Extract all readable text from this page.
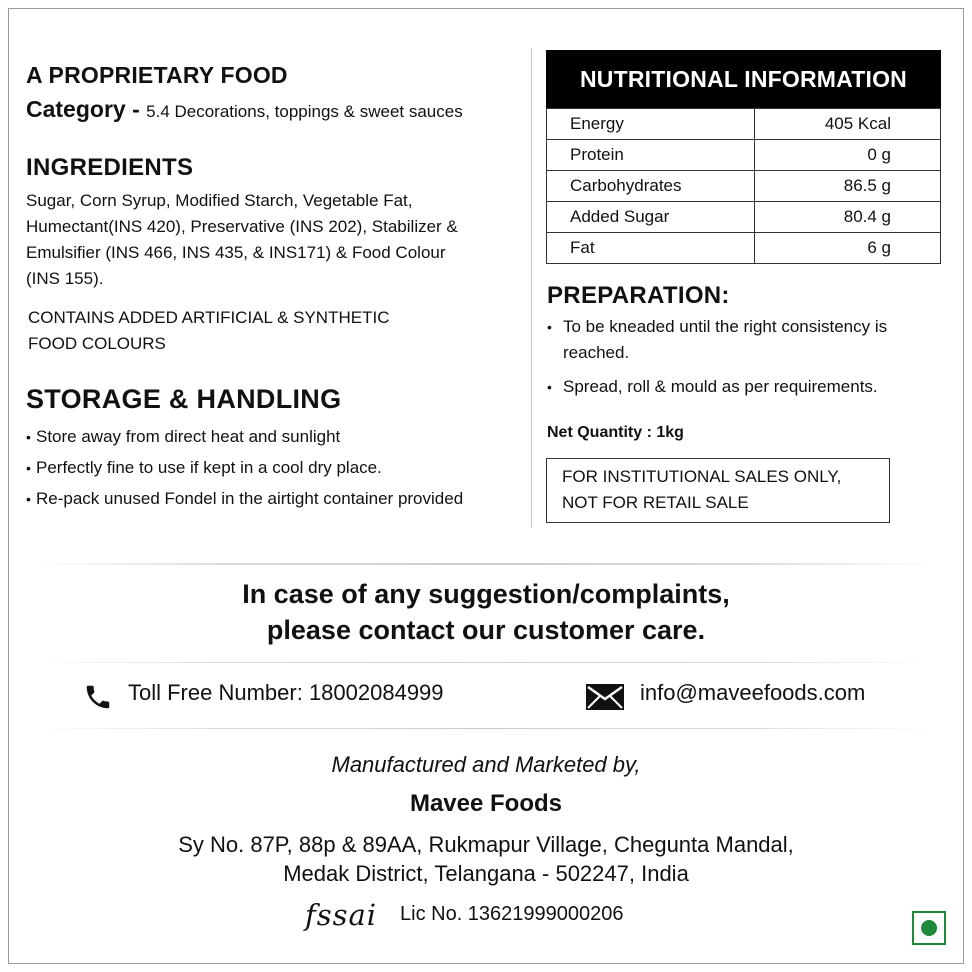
A PROPRIETARY FOOD
Category - 5.4 Decorations, toppings & sweet sauces
INGREDIENTS
Sugar, Corn Syrup, Modified Starch, Vegetable Fat,
Humectant(INS 420), Preservative (INS 202), Stabilizer &
Emulsifier (INS 466, INS 435, & INS171) & Food Colour
(INS 155).
CONTAINS ADDED ARTIFICIAL & SYNTHETIC
FOOD COLOURS
STORAGE & HANDLING
• Store away from direct heat and sunlight
• Perfectly fine to use if kept in a cool dry place.
• Re-pack unused Fondel in the airtight container provided
NUTRITIONAL INFORMATION
Energy	405 Kcal
Protein	0 g
Carbohydrates	86.5 g
Added Sugar	80.4 g
Fat	6 g
PREPARATION:
• To be kneaded until the right consistency is reached.
• Spread, roll & mould as per requirements.
Net Quantity : 1kg
FOR INSTITUTIONAL SALES ONLY,
NOT FOR RETAIL SALE
In case of any suggestion/complaints,
please contact our customer care.
Toll Free Number: 18002084999	info@maveefoods.com
Manufactured and Marketed by,
Mavee Foods
Sy No. 87P, 88p & 89AA, Rukmapur Village, Chegunta Mandal,
Medak District, Telangana - 502247, India
fssai Lic No. 13621999000206
